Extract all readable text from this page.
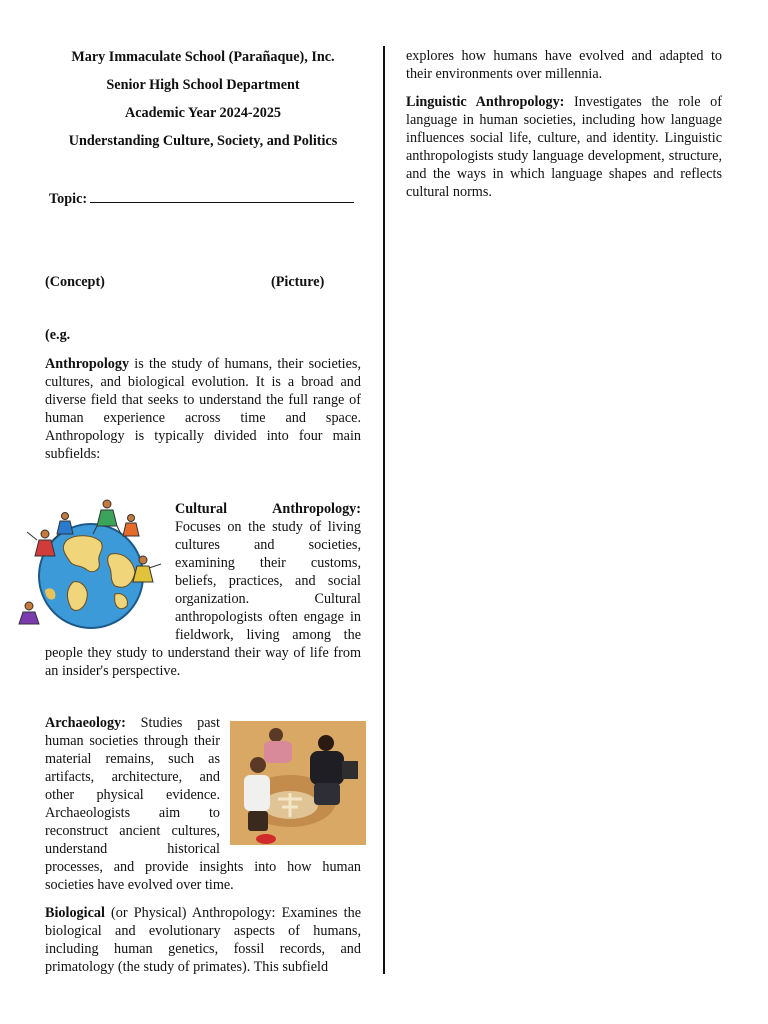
Mary Immaculate School (Parañaque), Inc.

Senior High School Department

Academic Year 2024-2025

Understanding Culture, Society, and Politics

Topic:
(Concept)	(Picture)
(e.g.

Anthropology is the study of humans, their societies, cultures, and biological evolution. It is a broad and diverse field that seeks to understand the full range of human experience across time and space. Anthropology is typically divided into four main subfields:

Cultural Anthropology: Focuses on the study of living cultures and societies, examining their customs, beliefs, practices, and social organization. Cultural anthropologists often engage in fieldwork, living among the people they study to understand their way of life from an insider's perspective.

Archaeology: Studies past human societies through their material remains, such as artifacts, architecture, and other physical evidence. Archaeologists aim to reconstruct ancient cultures, understand historical processes, and provide insights into how human societies have evolved over time.

Biological (or Physical) Anthropology: Examines the biological and evolutionary aspects of humans, including human genetics, fossil records, and primatology (the study of primates). This subfield

explores how humans have evolved and adapted to their environments over millennia.

Linguistic Anthropology: Investigates the role of language in human societies, including how language influences social life, culture, and identity. Linguistic anthropologists study language development, structure, and the ways in which language shapes and reflects cultural norms.
